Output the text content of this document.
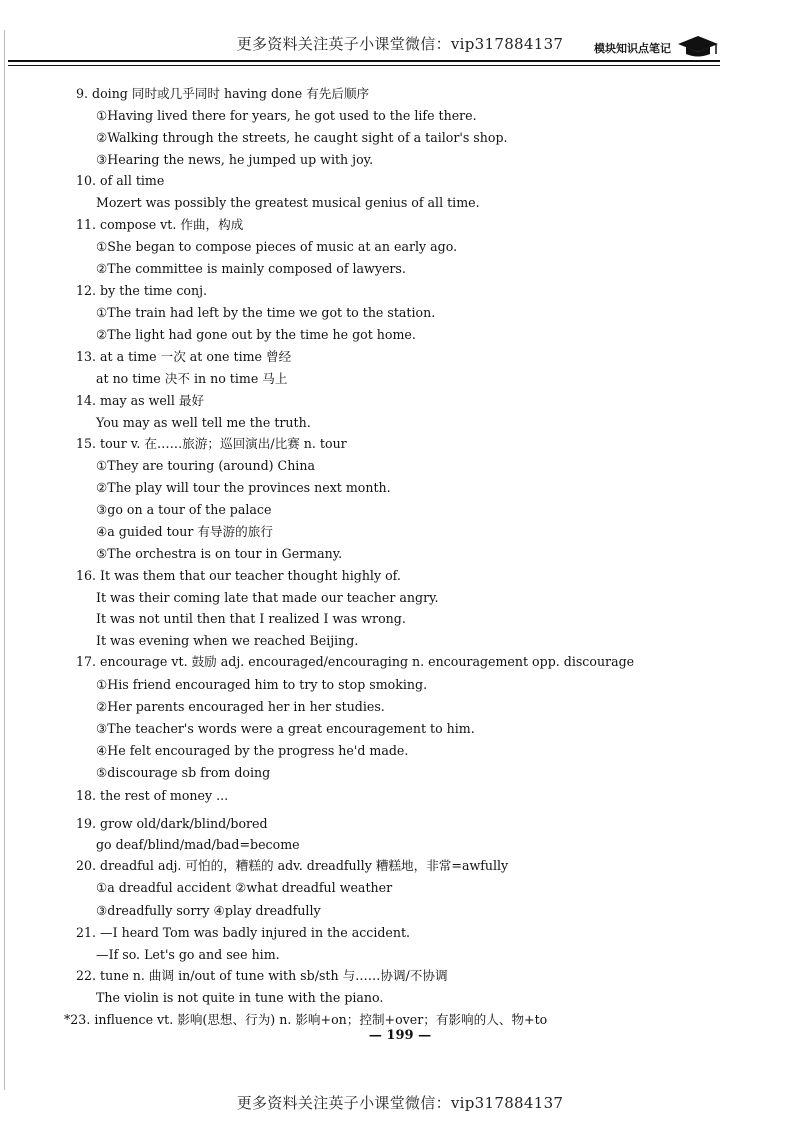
更多资料关注英子小课堂微信：vip317884137	模块知识点笔记
9. doing 同时或几乎同时 having done 有先后顺序
①Having lived there for years, he got used to the life there.
②Walking through the streets, he caught sight of a tailor's shop.
③Hearing the news, he jumped up with joy.
10. of all time
Mozert was possibly the greatest musical genius of all time.
11. compose vt. 作曲，构成
①She began to compose pieces of music at an early ago.
②The committee is mainly composed of lawyers.
12. by the time conj.
①The train had left by the time we got to the station.
②The light had gone out by the time he got home.
13. at a time 一次 at one time 曾经
at no time 决不 in no time 马上
14. may as well 最好
You may as well tell me the truth.
15. tour v. 在……旅游；巡回演出/比赛 n. tour
①They are touring (around) China
②The play will tour the provinces next month.
③go on a tour of the palace
④a guided tour 有导游的旅行
⑤The orchestra is on tour in Germany.
16. It was them that our teacher thought highly of.
It was their coming late that made our teacher angry.
It was not until then that I realized I was wrong.
It was evening when we reached Beijing.
17. encourage vt. 鼓励 adj. encouraged/encouraging n. encouragement opp. discourage
①His friend encouraged him to try to stop smoking.
②Her parents encouraged her in her studies.
③The teacher's words were a great encouragement to him.
④He felt encouraged by the progress he'd made.
⑤discourage sb from doing
18. the rest of money ...
19. grow old/dark/blind/bored
go deaf/blind/mad/bad=become
20. dreadful adj. 可怕的，糟糕的 adv. dreadfully 糟糕地，非常=awfully
①a dreadful accident ②what dreadful weather
③dreadfully sorry ④play dreadfully
21. —I heard Tom was badly injured in the accident.
—If so. Let's go and see him.
22. tune n. 曲调 in/out of tune with sb/sth 与……协调/不协调
The violin is not quite in tune with the piano.
*23. influence vt. 影响(思想、行为) n. 影响+on；控制+over；有影响的人、物+to
— 199 —
更多资料关注英子小课堂微信：vip317884137
